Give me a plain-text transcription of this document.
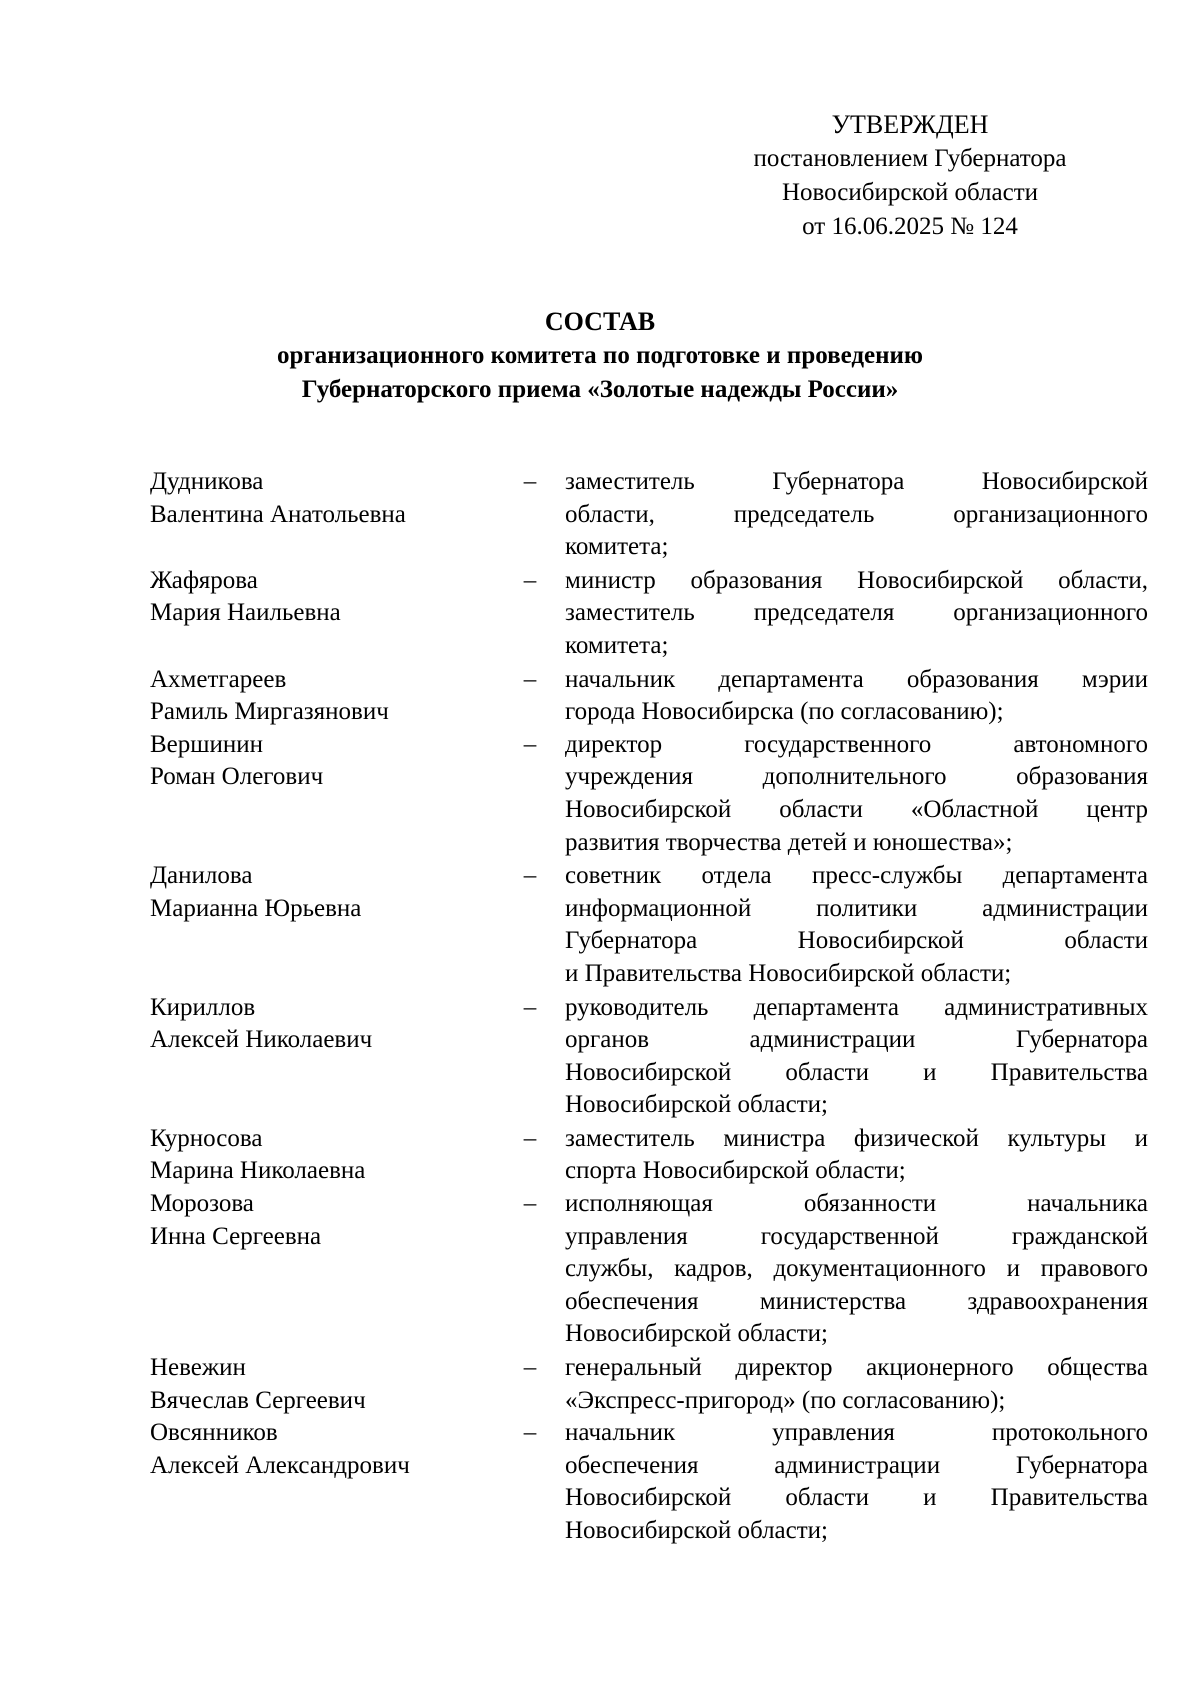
УТВЕРЖДЕН
постановлением Губернатора
Новосибирской области
от 16.06.2025 № 124
СОСТАВ
организационного комитета по подготовке и проведению
Губернаторского приема «Золотые надежды России»
Дудникова
Валентина Анатольевна
–	заместитель Губернатора Новосибирской
области, председатель организационного
комитета;
Жафярова
Мария Наильевна
–	министр образования Новосибирской области,
заместитель председателя организационного
комитета;
Ахметгареев
Рамиль Миргазянович
–	начальник департамента образования мэрии
города Новосибирска (по согласованию);
Вершинин
Роман Олегович
–	директор государственного автономного
учреждения дополнительного образования
Новосибирской области «Областной центр
развития творчества детей и юношества»;
Данилова
Марианна Юрьевна
–	советник отдела пресс-службы департамента
информационной политики администрации
Губернатора Новосибирской области
и Правительства Новосибирской области;
Кириллов
Алексей Николаевич
–	руководитель департамента административных
органов администрации Губернатора
Новосибирской области и Правительства
Новосибирской области;
Курносова
Марина Николаевна
–	заместитель министра физической культуры и
спорта Новосибирской области;
Морозова
Инна Сергеевна
–	исполняющая обязанности начальника
управления государственной гражданской
службы, кадров, документационного и правового
обеспечения министерства здравоохранения
Новосибирской области;
Невежин
Вячеслав Сергеевич
–	генеральный директор акционерного общества
«Экспресс-пригород» (по согласованию);
Овсянников
Алексей Александрович
–	начальник управления протокольного
обеспечения администрации Губернатора
Новосибирской области и Правительства
Новосибирской области;
